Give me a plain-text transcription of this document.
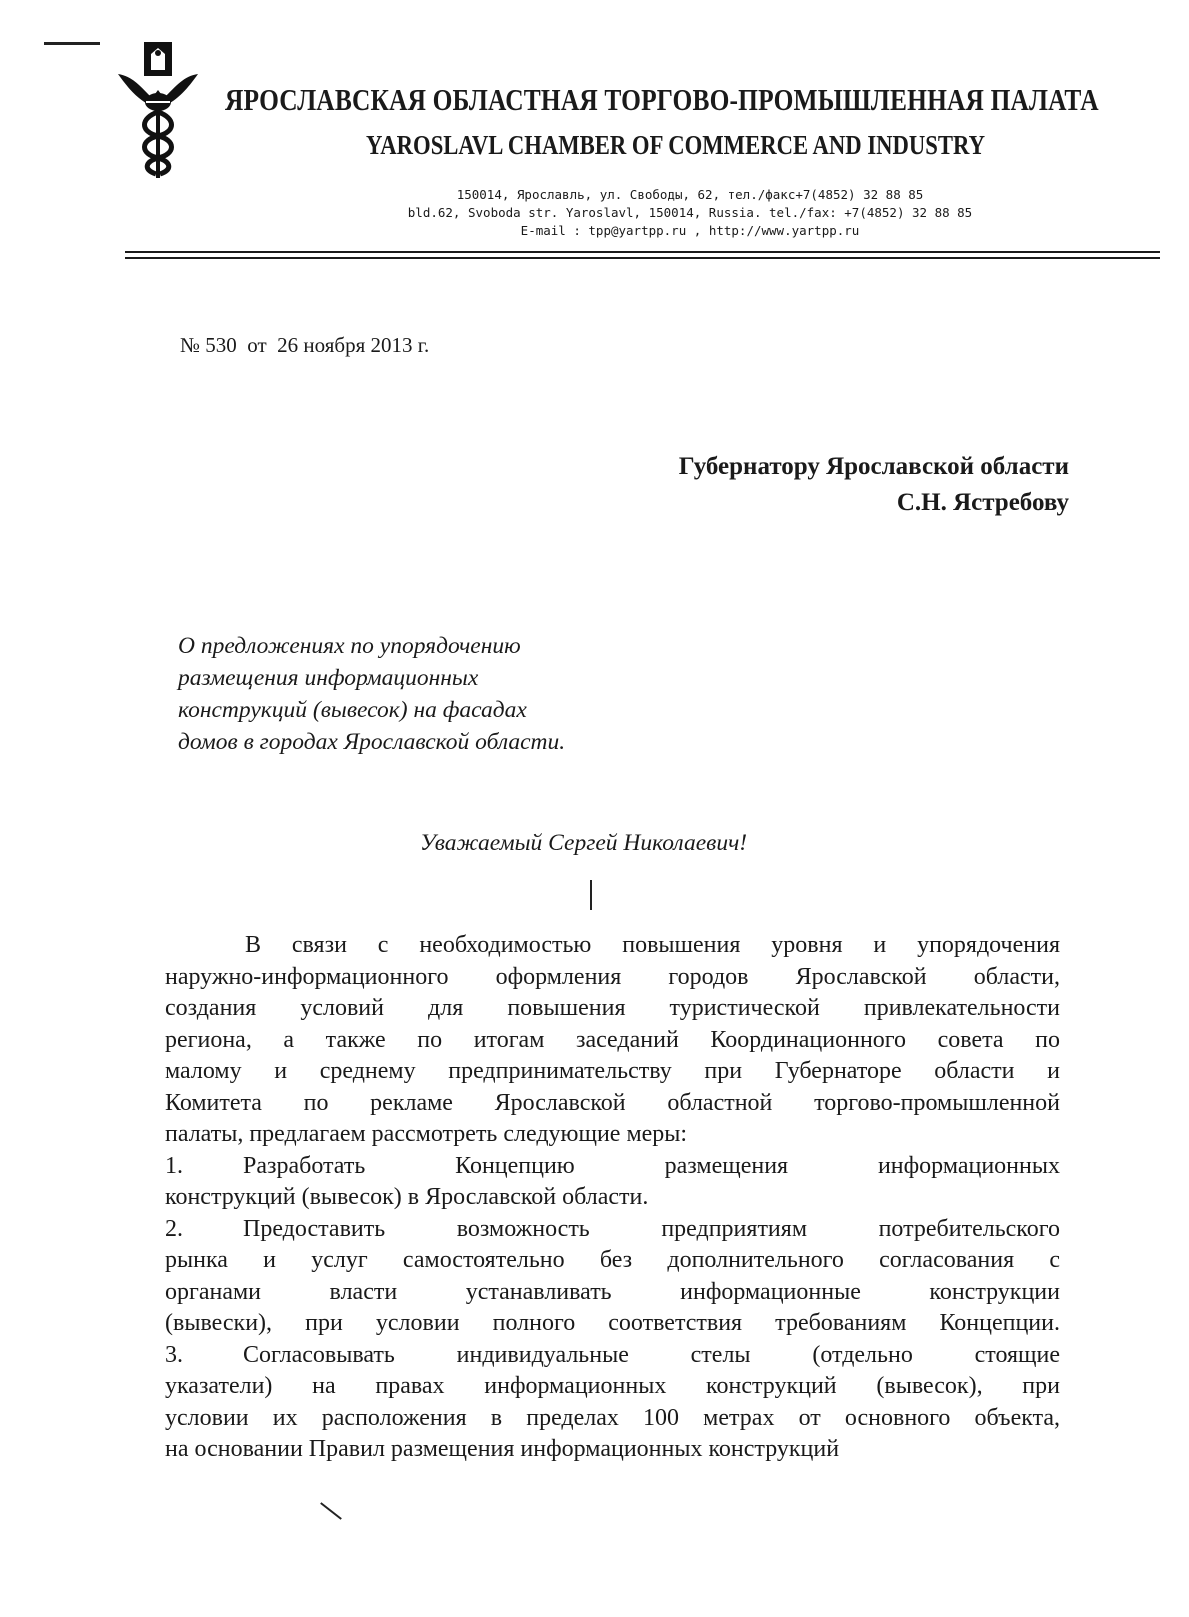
ЯРОСЛАВСКАЯ ОБЛАСТНАЯ ТОРГОВО-ПРОМЫШЛЕННАЯ ПАЛАТА
YAROSLAVL CHAMBER OF COMMERCE AND INDUSTRY
150014, Ярославль, ул. Свободы, 62, тел./факс+7(4852) 32 88 85
bld.62, Svoboda str. Yaroslavl, 150014, Russia. tel./fax: +7(4852) 32 88 85
E-mail : tpp@yartpp.ru , http://www.yartpp.ru
№ 530  от  26 ноября 2013 г.
Губернатору Ярославской области
С.Н. Ястребову
О предложениях по упорядочению
размещения информационных
конструкций (вывесок) на фасадах
домов в городах Ярославской области.
Уважаемый Сергей Николаевич!
В связи с необходимостью повышения уровня и упорядочения
наружно-информационного оформления городов Ярославской области,
создания условий для повышения туристической привлекательности
региона, а также по итогам заседаний Координационного совета по
малому и среднему предпринимательству при Губернаторе области и
Комитета по рекламе Ярославской областной торгово-промышленной
палаты, предлагаем рассмотреть следующие меры:
1.	Разработать Концепцию размещения информационных
конструкций (вывесок) в Ярославской области.
2.	Предоставить возможность предприятиям потребительского
рынка и услуг самостоятельно без дополнительного согласования с
органами власти устанавливать информационные конструкции
(вывески), при условии полного соответствия требованиям Концепции.
3.	Согласовывать индивидуальные стелы (отдельно стоящие
указатели) на правах информационных конструкций (вывесок), при
условии их расположения в пределах 100 метрах от основного объекта,
на основании Правил размещения информационных конструкций
